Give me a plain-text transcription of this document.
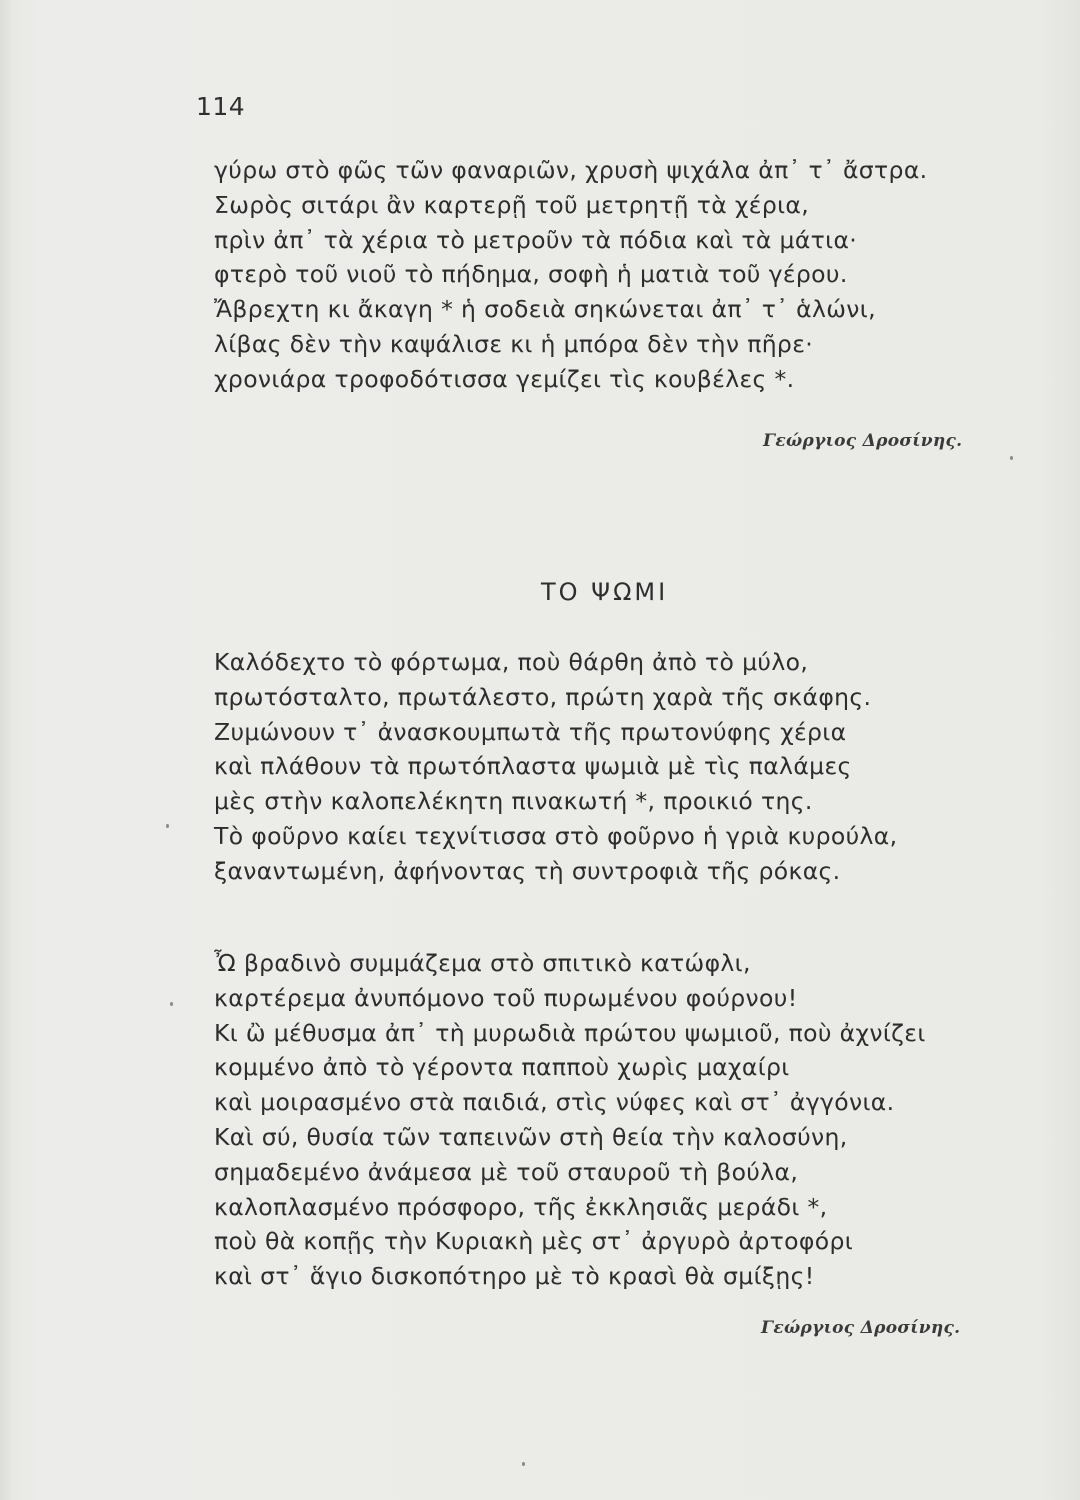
114
γύρω στὸ φῶς τῶν φαναριῶν, χρυσὴ ψιχάλα ἀπ᾿ τ᾿ ἄστρα.
Σωρὸς σιτάρι ἂν καρτερῇ τοῦ μετρητῇ τὰ χέρια,
πρὶν ἀπ᾿ τὰ χέρια τὸ μετροῦν τὰ πόδια καὶ τὰ μάτια·
φτερὸ τοῦ νιοῦ τὸ πήδημα, σοφὴ ἡ ματιὰ τοῦ γέρου.
Ἄβρεχτη κι ἄκαγη * ἡ σοδειὰ σηκώνεται ἀπ᾿ τ᾿ ἁλώνι,
λίβας δὲν τὴν καψάλισε κι ἡ μπόρα δὲν τὴν πῆρε·
χρονιάρα τροφοδότισσα γεμίζει τὶς κουβέλες *.
Γεώργιος Δροσίνης.
ΤΟ ΨΩΜΙ
Καλόδεχτο τὸ φόρτωμα, ποὺ θάρθη ἀπὸ τὸ μύλο,
πρωτόσταλτο, πρωτάλεστο, πρώτη χαρὰ τῆς σκάφης.
Ζυμώνουν τ᾿ ἀνασκουμπωτὰ τῆς πρωτονύφης χέρια
καὶ πλάθουν τὰ πρωτόπλαστα ψωμιὰ μὲ τὶς παλάμες
μὲς στὴν καλοπελέκητη πινακωτή *, προικιό της.
Τὸ φοῦρνο καίει τεχνίτισσα στὸ φοῦρνο ἡ γριὰ κυρούλα,
ξαναντωμένη, ἀφήνοντας τὴ συντροφιὰ τῆς ρόκας.
Ὦ βραδινὸ συμμάζεμα στὸ σπιτικὸ κατώφλι,
καρτέρεμα ἀνυπόμονο τοῦ πυρωμένου φούρνου!
Κι ὢ μέθυσμα ἀπ᾿ τὴ μυρωδιὰ πρώτου ψωμιοῦ, ποὺ ἀχνίζει
κομμένο ἀπὸ τὸ γέροντα παπποὺ χωρὶς μαχαίρι
καὶ μοιρασμένο στὰ παιδιά, στὶς νύφες καὶ στ᾿ ἀγγόνια.
Καὶ σύ, θυσία τῶν ταπεινῶν στὴ θεία τὴν καλοσύνη,
σημαδεμένο ἀνάμεσα μὲ τοῦ σταυροῦ τὴ βούλα,
καλοπλασμένο πρόσφορο, τῆς ἐκκλησιᾶς μεράδι *,
ποὺ θὰ κοπῇς τὴν Κυριακὴ μὲς στ᾿ ἀργυρὸ ἀρτοφόρι
καὶ στ᾿ ἅγιο δισκοπότηρο μὲ τὸ κρασὶ θὰ σμίξῃς!
Γεώργιος Δροσίνης.
